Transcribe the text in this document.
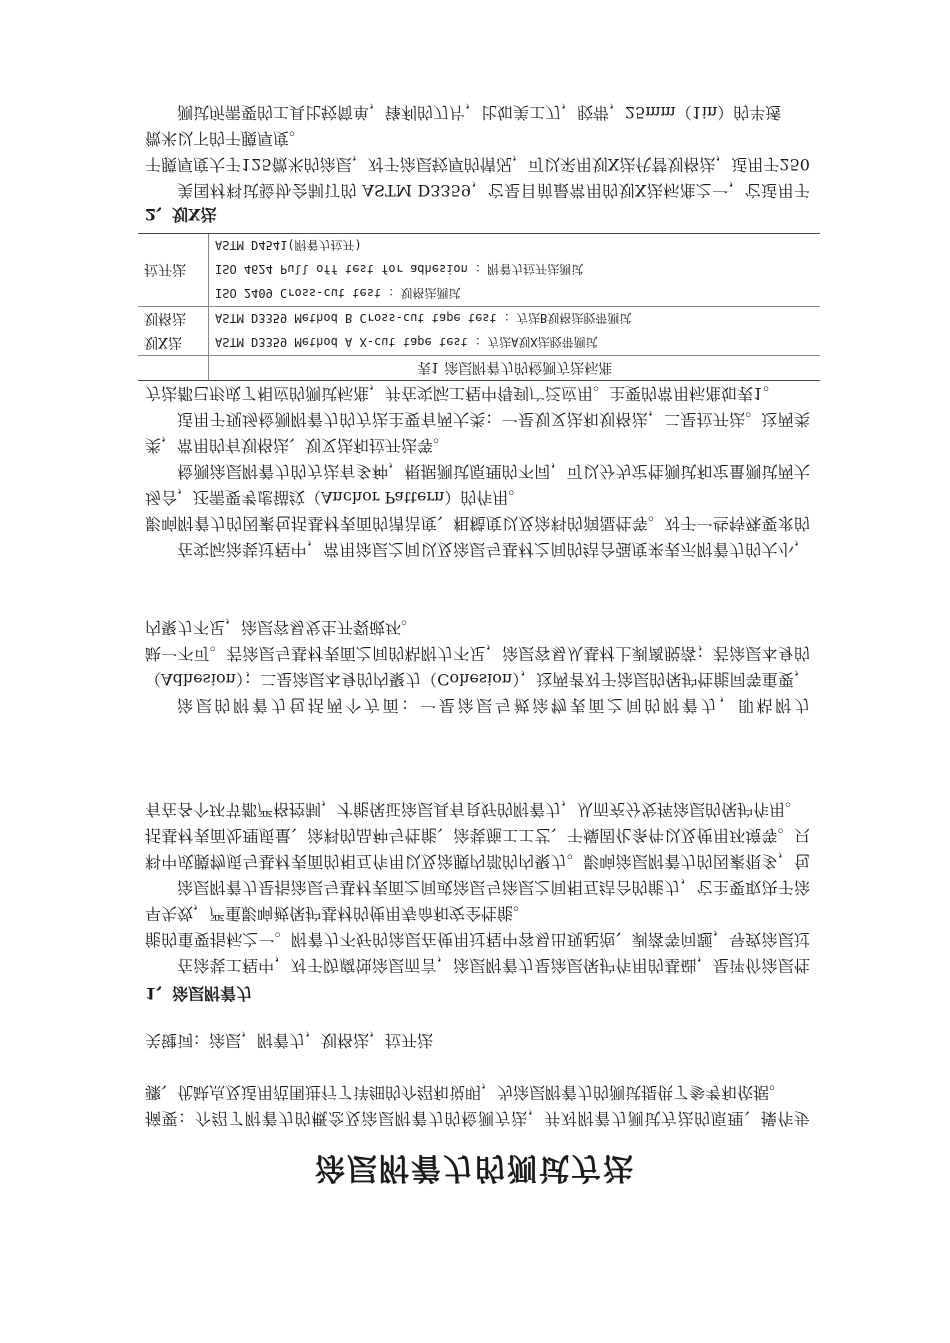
涂层附着力的测试方法
摘要：介绍了附着力的概念及涂层附着力的检测方法，并对附着力测试方法的原理、操作步骤、优缺点及适用范围进行了详细的介绍和说明，为涂层附着力的测试提供了参考和依据。
关键词：涂层，附着力，划格法，拉开法
1、涂层附着力
在涂装工程中，对于防腐蚀涂层而言，涂层附着力是涂层保护作用的基础，是评价涂层性能的重要指标之一。附着力不好的涂层在使用过程中容易出现起泡、剥落等问题，导致涂层过早失效，严重影响被保护基材的使用寿命和安全性能。
涂层附着力是指涂层与基材表面之间或涂层与涂层之间相互结合的能力，它主要取决于涂料中成膜物质与基材表面的相互作用以及涂膜内部的内聚力。影响涂层附着力的因素很多，包括基材表面处理质量、涂料的品种与性能、涂装施工工艺、干燥固化条件以及使用环境等。只有在各个环节都严格控制，才能保证涂层具有良好的附着力，从而充分发挥涂层的保护作用。
涂层的附着力包括两个方面：一是涂层与被涂物表面之间的附着力，即粘附力（Adhesion）；二是涂层本身的内聚力（Cohesion），这两者对于涂层的保护性能同等重要，缺一不可。若涂层与基材表面之间的粘附力不足，涂层容易从基材上剥离脱落；若涂层本身的内聚力不足，涂层容易发生开裂破坏。
在实际涂装过程中，常用涂层之间以及涂层与基材之间的结合强度来表示附着力的大小，影响附着力的因素包括基材表面的清洁度、粗糙度以及涂料的润湿性等。对于一些特殊要求的场合，还需要考虑锚纹（Anchor Pattern）的作用。
检测涂层附着力的方法有多种，根据测试原理的不同，可以分为定性测试和定量测试两大类，常用的有划格法、划叉法和拉开法等。
适用于现场检测附着力的方法主要有两大类：一是划叉法和划格法，二是拉开法。这两类方法都已形成了相应的测试标准，并在实际工程中得到广泛应用。主要的常用标准如表1。
	表1 涂层附着力的检测方法标准
划X法	ASTM D3359 Method A X-cut tape test ：方法A划X法胶带测试
划格法	ASTM D3359 Method B Cross-cut tape test ：方法B划格法胶带测试
	ISO 2409 Cross-cut test ：划格法测试
拉开法	ISO 4624 Pull off test for adhesion ：附着力拉开法测试
	ASTM D4541(附着力拉开)
2、划X法
美国材料试验协会制订的 ASTM D3359，它是目前最常用的划X法标准之一，它适用于干膜厚度大于125微米的涂层，对于涂层较厚的情况，可以采用划X法代替划格法，适用于250微米以下的干膜厚度。
测试所需要的工具比较简单，锋利的刀片，比如美工刀，胶带，25mm（1in）的半透
